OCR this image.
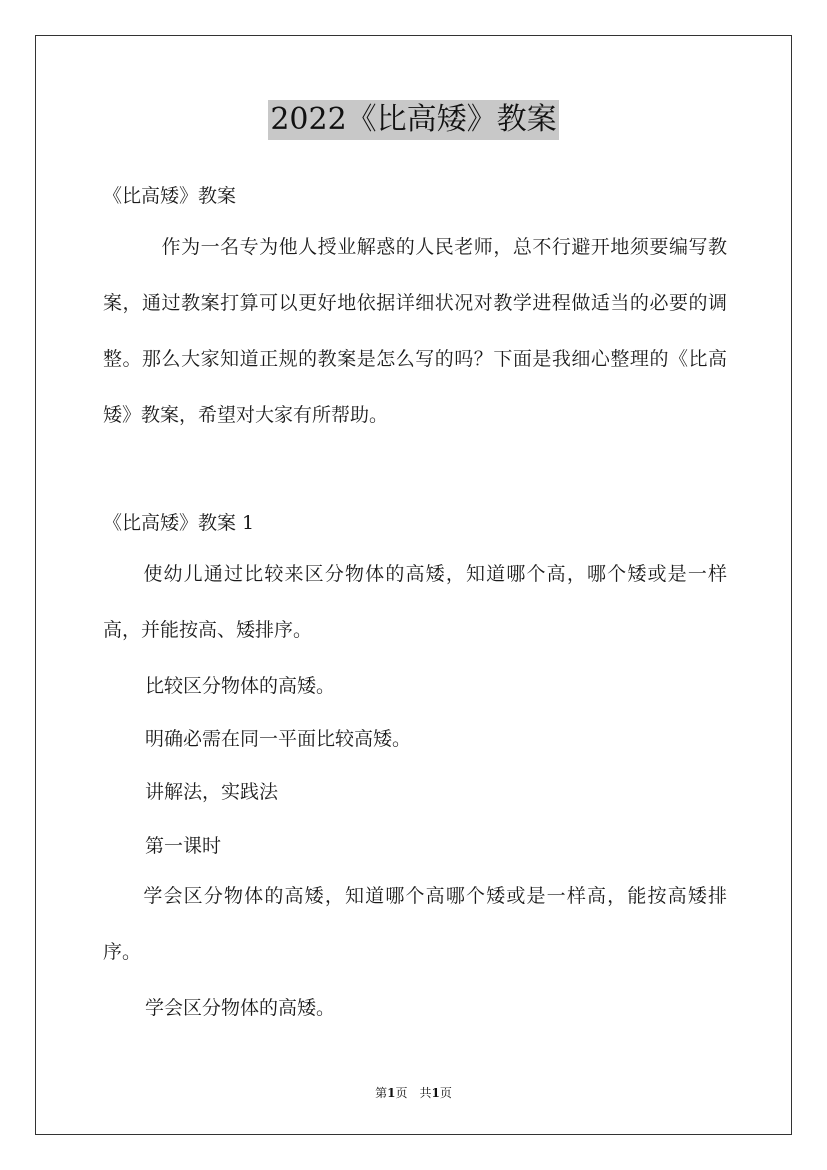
2022《比高矮》教案
《比高矮》教案
　　　作为一名专为他人授业解惑的人民老师，总不行避开地须要编写教案，通过教案打算可以更好地依据详细状况对教学进程做适当的必要的调整。那么大家知道正规的教案是怎么写的吗？下面是我细心整理的《比高矮》教案，希望对大家有所帮助。
《比高矮》教案 1
　　使幼儿通过比较来区分物体的高矮，知道哪个高，哪个矮或是一样高，并能按高、矮排序。
比较区分物体的高矮。
明确必需在同一平面比较高矮。
讲解法，实践法
第一课时
　　学会区分物体的高矮，知道哪个高哪个矮或是一样高，能按高矮排序。
学会区分物体的高矮。
第1页　共1页
